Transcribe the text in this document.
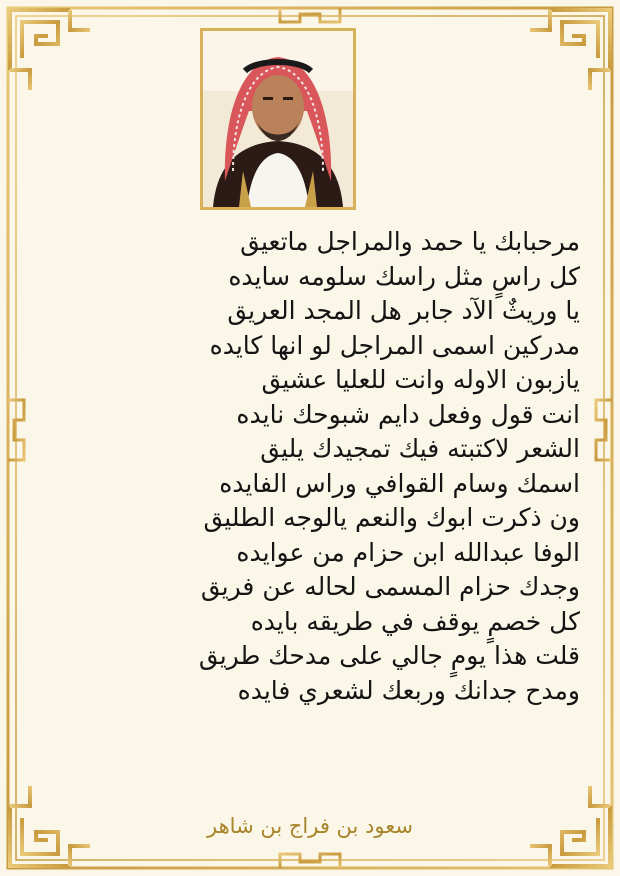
مرحبابك يا حمد والمراجل ماتعيق
كل راسٍ مثل راسك سلومه سايده
يا وريثٌ الآد جابر هل المجد العريق
مدركين اسمى المراجل لو انها كايده
يازبون الاوله وانت للعليا عشيق
انت قول وفعل دايم شبوحك نايده
الشعر لاكتبته فيك تمجيدك يليق
اسمك وسام القوافي وراس الفايده
ون ذكرت ابوك والنعم يالوجه الطليق
الوفا عبدالله ابن حزام من عوايده
وجدك حزام المسمى لحاله عن فريق
كل خصمٍ يوقف في طريقه بايده
قلت هذا يومٍ جالي على مدحك طريق
ومدح جدانك وربعك لشعري فايده
سعود بن فراج بن شاهر
